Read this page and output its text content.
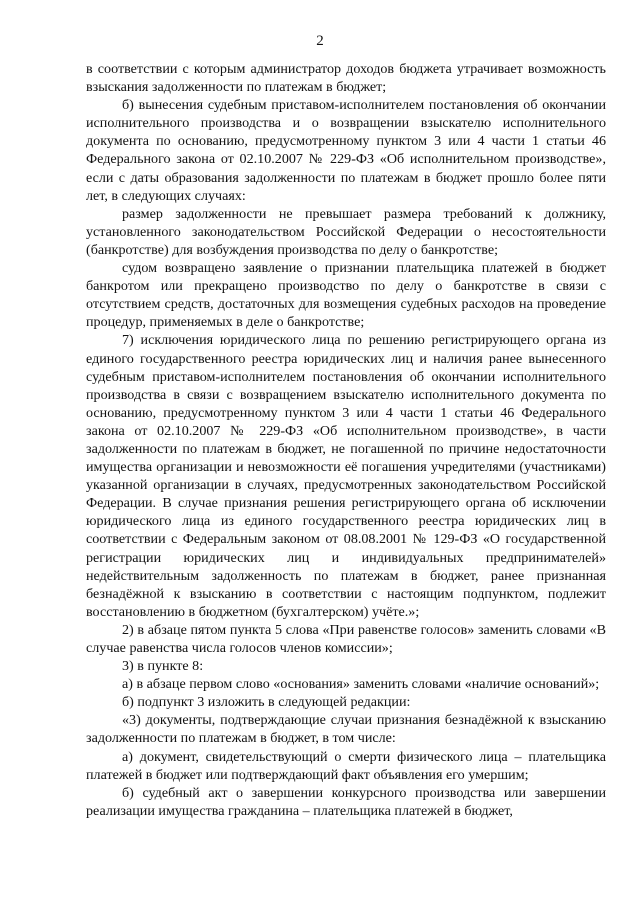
2

в соответствии с которым администратор доходов бюджета утрачивает возможность взыскания задолженности по платежам в бюджет;

б) вынесения судебным приставом-исполнителем постановления об окончании исполнительного производства и о возвращении взыскателю исполнительного документа по основанию, предусмотренному пунктом 3 или 4 части 1 статьи 46 Федерального закона от 02.10.2007 № 229-ФЗ «Об исполнительном производстве», если с даты образования задолженности по платежам в бюджет прошло более пяти лет, в следующих случаях:

размер задолженности не превышает размера требований к должнику, установленного законодательством Российской Федерации о несостоятельности (банкротстве) для возбуждения производства по делу о банкротстве;

судом возвращено заявление о признании плательщика платежей в бюджет банкротом или прекращено производство по делу о банкротстве в связи с отсутствием средств, достаточных для возмещения судебных расходов на проведение процедур, применяемых в деле о банкротстве;

7) исключения юридического лица по решению регистрирующего органа из единого государственного реестра юридических лиц и наличия ранее вынесенного судебным приставом-исполнителем постановления об окончании исполнительного производства в связи с возвращением взыскателю исполнительного документа по основанию, предусмотренному пунктом 3 или 4 части 1 статьи 46 Федерального закона от 02.10.2007 № 229-ФЗ «Об исполнительном производстве», в части задолженности по платежам в бюджет, не погашенной по причине недостаточности имущества организации и невозможности её погашения учредителями (участниками) указанной организации в случаях, предусмотренных законодательством Российской Федерации. В случае признания решения регистрирующего органа об исключении юридического лица из единого государственного реестра юридических лиц в соответствии с Федеральным законом от 08.08.2001 № 129-ФЗ «О государственной регистрации юридических лиц и индивидуальных предпринимателей» недействительным задолженность по платежам в бюджет, ранее признанная безнадёжной к взысканию в соответствии с настоящим подпунктом, подлежит восстановлению в бюджетном (бухгалтерском) учёте.»;

2) в абзаце пятом пункта 5 слова «При равенстве голосов» заменить словами «В случае равенства числа голосов членов комиссии»;

3) в пункте 8:

а) в абзаце первом слово «основания» заменить словами «наличие оснований»;

б) подпункт 3 изложить в следующей редакции:

«3) документы, подтверждающие случаи признания безнадёжной к взысканию задолженности по платежам в бюджет, в том числе:

а) документ, свидетельствующий о смерти физического лица – плательщика платежей в бюджет или подтверждающий факт объявления его умершим;

б) судебный акт о завершении конкурсного производства или завершении реализации имущества гражданина – плательщика платежей в бюджет,
